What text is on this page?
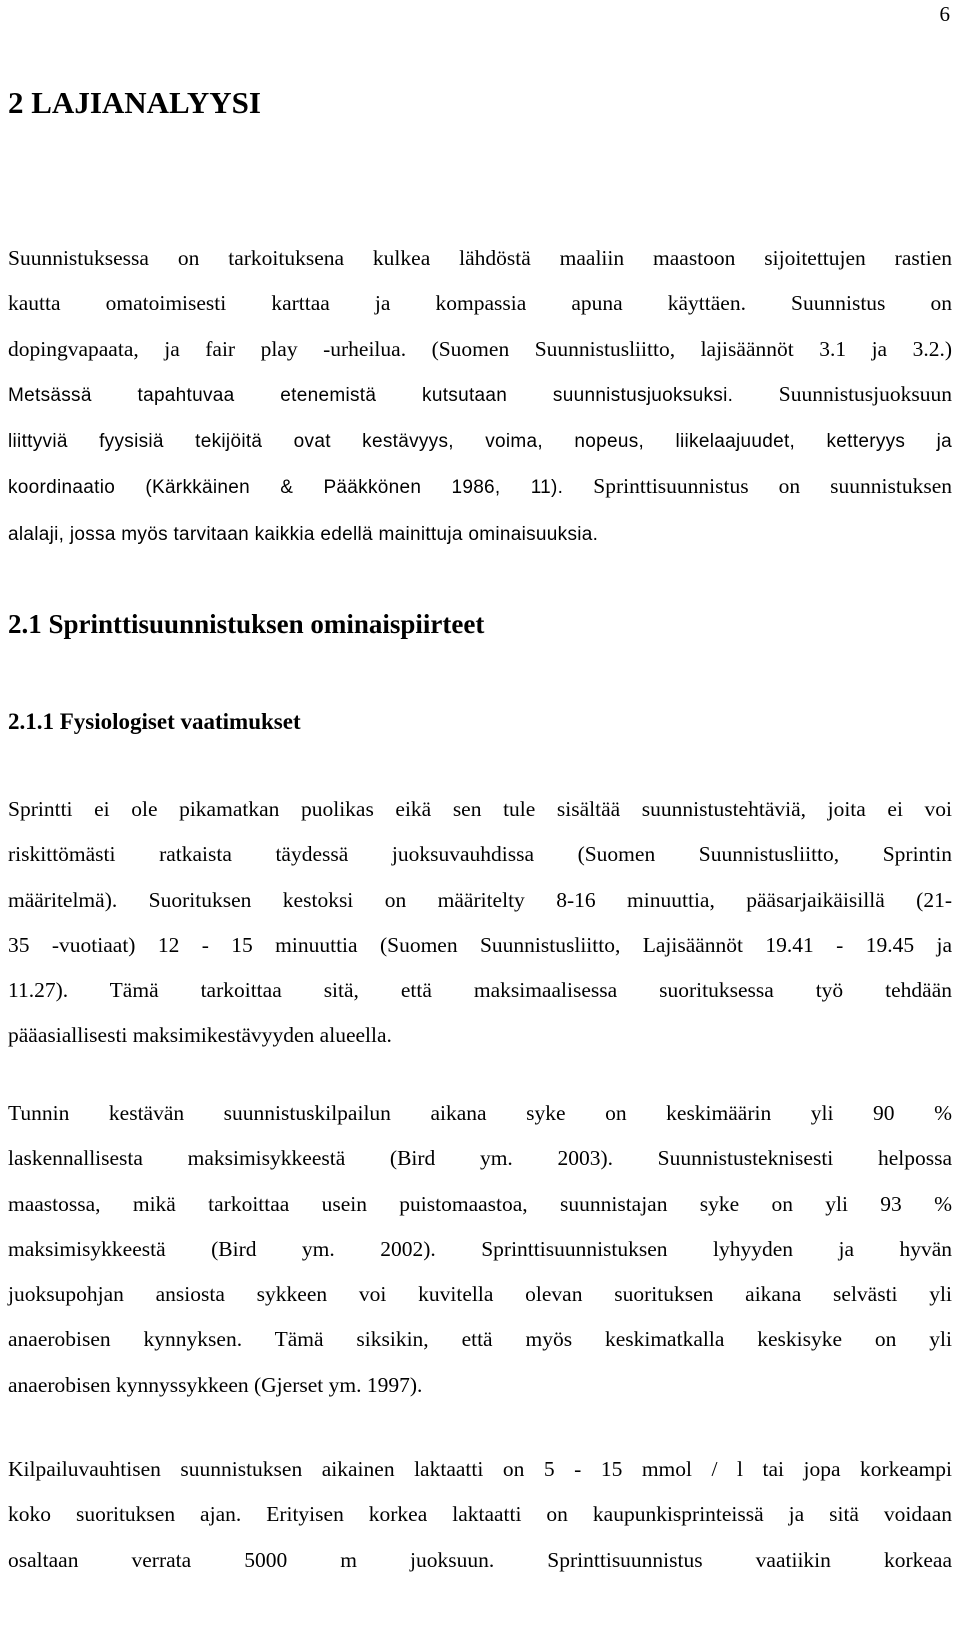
6
2 LAJIANALYYSI
Suunnistuksessa on tarkoituksena kulkea lähdöstä maaliin maastoon sijoitettujen rastien
kautta omatoimisesti karttaa ja kompassia apuna käyttäen. Suunnistus on
dopingvapaata, ja fair play -urheilua. (Suomen Suunnistusliitto, lajisäännöt 3.1 ja 3.2.)
Metsässä tapahtuvaa etenemistä kutsutaan suunnistusjuoksuksi. Suunnistusjuoksuun
liittyviä fyysisiä tekijöitä ovat kestävyys, voima, nopeus, liikelaajuudet, ketteryys ja
koordinaatio (Kärkkäinen & Pääkkönen 1986, 11). Sprinttisuunnistus on suunnistuksen
alalaji, jossa myös tarvitaan kaikkia edellä mainittuja ominaisuuksia.
2.1 Sprinttisuunnistuksen ominaispiirteet
2.1.1 Fysiologiset vaatimukset
Sprintti ei ole pikamatkan puolikas eikä sen tule sisältää suunnistustehtäviä, joita ei voi
riskittömästi ratkaista täydessä juoksuvauhdissa (Suomen Suunnistusliitto, Sprintin
määritelmä). Suorituksen kestoksi on määritelty 8-16 minuuttia, pääsarjaikäisillä (21-
35 -vuotiaat) 12 - 15 minuuttia (Suomen Suunnistusliitto, Lajisäännöt 19.41 - 19.45 ja
11.27). Tämä tarkoittaa sitä, että maksimaalisessa suorituksessa työ tehdään
pääasiallisesti maksimikestävyyden alueella.
Tunnin kestävän suunnistuskilpailun aikana syke on keskimäärin yli 90 %
laskennallisesta maksimisykkeestä (Bird ym. 2003). Suunnistusteknisesti helpossa
maastossa, mikä tarkoittaa usein puistomaastoa, suunnistajan syke on yli 93 %
maksimisykkeestä (Bird ym. 2002). Sprinttisuunnistuksen lyhyyden ja hyvän
juoksupohjan ansiosta sykkeen voi kuvitella olevan suorituksen aikana selvästi yli
anaerobisen kynnyksen. Tämä siksikin, että myös keskimatkalla keskisyke on yli
anaerobisen kynnyssykkeen (Gjerset ym. 1997).
Kilpailuvauhtisen suunnistuksen aikainen laktaatti on 5 - 15 mmol / l tai jopa korkeampi
koko suorituksen ajan. Erityisen korkea laktaatti on kaupunkisprinteissä ja sitä voidaan
osaltaan verrata 5000 m juoksuun. Sprinttisuunnistus vaatiikin korkeaa
